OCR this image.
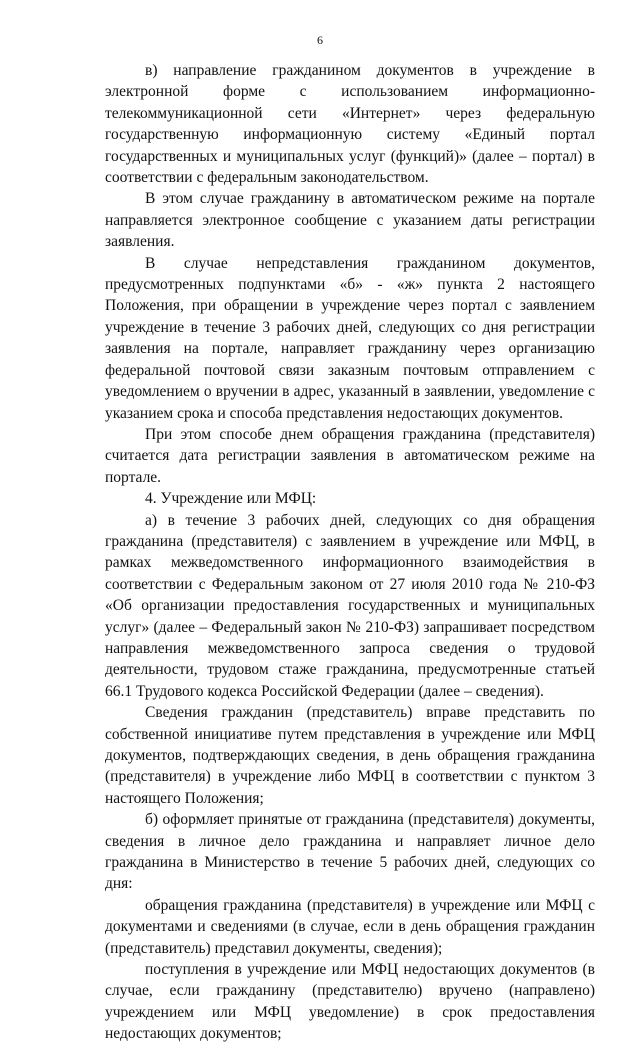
6

в) направление гражданином документов в учреждение в электронной форме с использованием информационно-телекоммуникационной сети «Интернет» через федеральную государственную информационную систему «Единый портал государственных и муниципальных услуг (функций)» (далее – портал) в соответствии с федеральным законодательством.

В этом случае гражданину в автоматическом режиме на портале направляется электронное сообщение с указанием даты регистрации заявления.

В случае непредставления гражданином документов, предусмотренных подпунктами «б» - «ж» пункта 2 настоящего Положения, при обращении в учреждение через портал с заявлением учреждение в течение 3 рабочих дней, следующих со дня регистрации заявления на портале, направляет гражданину через организацию федеральной почтовой связи заказным почтовым отправлением с уведомлением о вручении в адрес, указанный в заявлении, уведомление с указанием срока и способа представления недостающих документов.

При этом способе днем обращения гражданина (представителя) считается дата регистрации заявления в автоматическом режиме на портале.

4. Учреждение или МФЦ:

а) в течение 3 рабочих дней, следующих со дня обращения гражданина (представителя) с заявлением в учреждение или МФЦ, в рамках межведомственного информационного взаимодействия в соответствии с Федеральным законом от 27 июля 2010 года № 210-ФЗ «Об организации предоставления государственных и муниципальных услуг» (далее – Федеральный закон № 210-ФЗ) запрашивает посредством направления межведомственного запроса сведения о трудовой деятельности, трудовом стаже гражданина, предусмотренные статьей 66.1 Трудового кодекса Российской Федерации (далее – сведения).

Сведения гражданин (представитель) вправе представить по собственной инициативе путем представления в учреждение или МФЦ документов, подтверждающих сведения, в день обращения гражданина (представителя) в учреждение либо МФЦ в соответствии с пунктом 3 настоящего Положения;

б) оформляет принятые от гражданина (представителя) документы, сведения в личное дело гражданина и направляет личное дело гражданина в Министерство в течение 5 рабочих дней, следующих со дня:

обращения гражданина (представителя) в учреждение или МФЦ с документами и сведениями (в случае, если в день обращения гражданин (представитель) представил документы, сведения);

поступления в учреждение или МФЦ недостающих документов (в случае, если гражданину (представителю) вручено (направлено) учреждением или МФЦ уведомление) в срок предоставления недостающих документов;
